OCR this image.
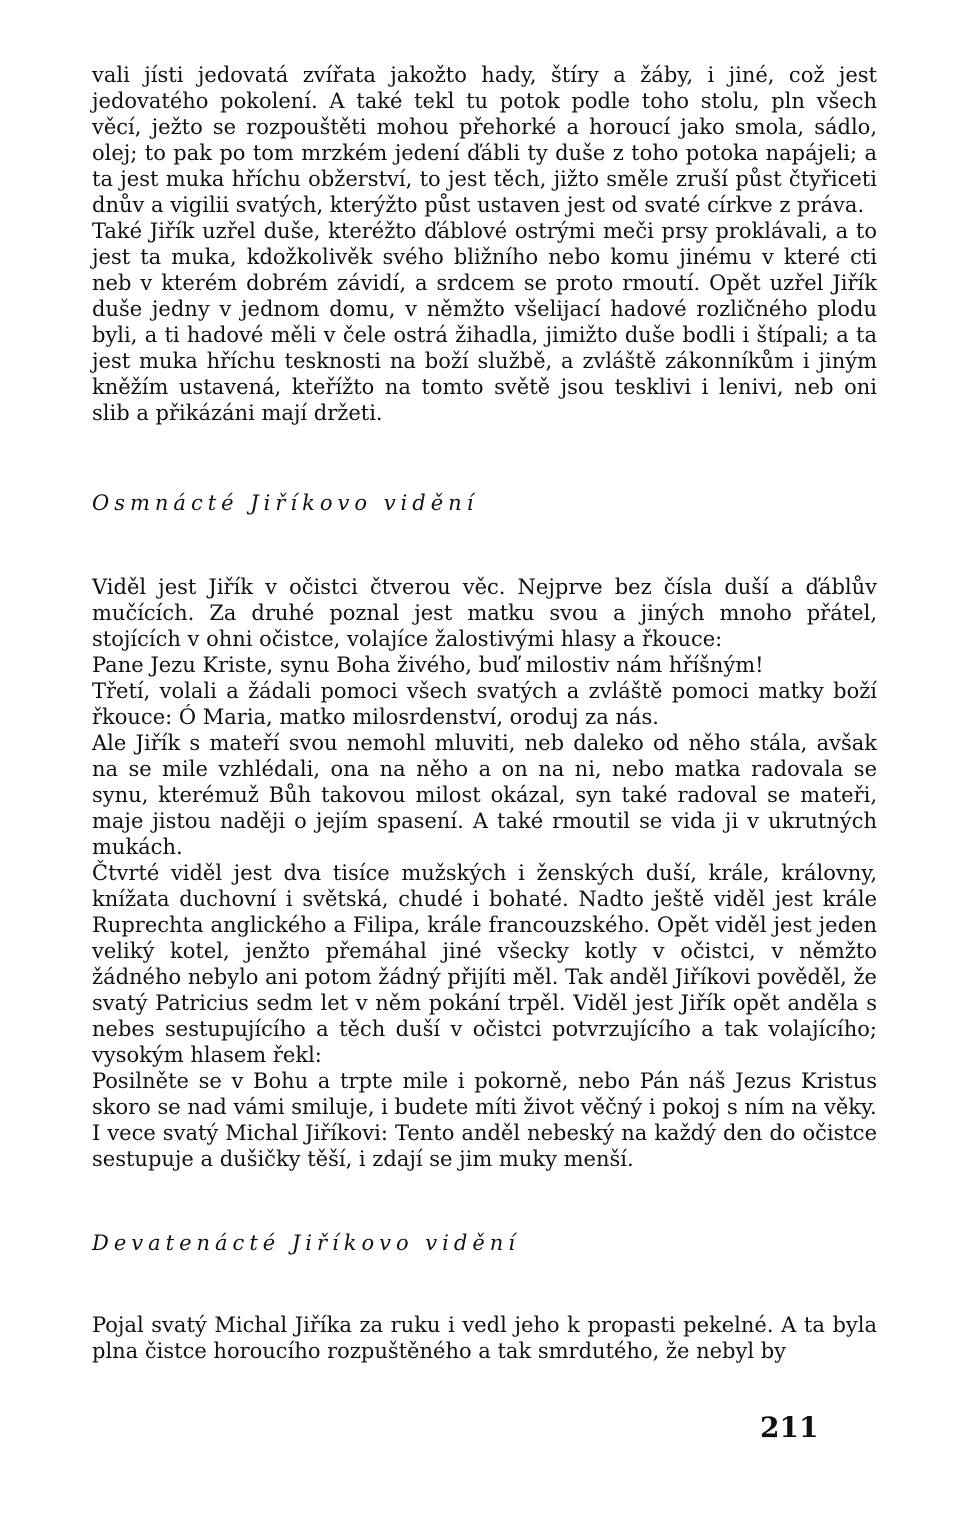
vali jísti jedovatá zvířata jakožto hady, štíry a žáby, i jiné, což jest jedovatého pokolení. A také tekl tu potok podle toho stolu, pln všech věcí, ježto se rozpouštěti mohou přehorké a horoucí jako smola, sádlo, olej; to pak po tom mrzkém jedení ďábli ty duše z toho potoka napájeli; a ta jest muka hříchu obžerství, to jest těch, jižto směle zruší půst čtyřiceti dnův a vigilii svatých, kterýžto půst ustaven jest od svaté církve z práva.

Také Jiřík uzřel duše, kteréžto ďáblové ostrými meči prsy proklávali, a to jest ta muka, kdožkolivěk svého bližního nebo komu jinému v které cti neb v kterém dobrém závidí, a srdcem se proto rmoutí. Opět uzřel Jiřík duše jedny v jednom domu, v němžto všelijací hadové rozličného plodu byli, a ti hadové měli v čele ostrá žihadla, jimižto duše bodli i štípali; a ta jest muka hříchu tesknosti na boží službě, a zvláště zákonníkům i jiným kněžím ustavená, kteřížto na tomto světě jsou tesklivi i lenivi, neb oni slib a přikázáni mají držeti.

Osmnácté Jiříkovo vidění

Viděl jest Jiřík v očistci čtverou věc. Nejprve bez čísla duší a ďáblův mučících. Za druhé poznal jest matku svou a jiných mnoho přátel, stojících v ohni očistce, volajíce žalostivými hlasy a řkouce:

Pane Jezu Kriste, synu Boha živého, buď milostiv nám hříšným!

Třetí, volali a žádali pomoci všech svatých a zvláště pomoci matky boží řkouce: Ó Maria, matko milosrdenství, oroduj za nás.

Ale Jiřík s mateří svou nemohl mluviti, neb daleko od něho stála, avšak na se mile vzhlédali, ona na něho a on na ni, nebo matka radovala se synu, kterémuž Bůh takovou milost okázal, syn také radoval se mateři, maje jistou naději o jejím spasení. A také rmoutil se vida ji v ukrutných mukách.

Čtvrté viděl jest dva tisíce mužských i ženských duší, krále, královny, knížata duchovní i světská, chudé i bohaté. Nadto ještě viděl jest krále Ruprechta anglického a Filipa, krále francouzského. Opět viděl jest jeden veliký kotel, jenžto přemáhal jiné všecky kotly v očistci, v němžto žádného nebylo ani potom žádný přijíti měl. Tak anděl Jiříkovi pověděl, že svatý Patricius sedm let v něm pokání trpěl. Viděl jest Jiřík opět anděla s nebes sestupujícího a těch duší v očistci potvrzujícího a tak volajícího; vysokým hlasem řekl:

Posilněte se v Bohu a trpte mile i pokorně, nebo Pán náš Jezus Kristus skoro se nad vámi smiluje, i budete míti život věčný i pokoj s ním na věky.

I vece svatý Michal Jiříkovi: Tento anděl nebeský na každý den do očistce sestupuje a dušičky těší, i zdají se jim muky menší.

Devatenácté Jiříkovo vidění

Pojal svatý Michal Jiříka za ruku i vedl jeho k propasti pekelné. A ta byla plna čistce horoucího rozpuštěného a tak smrdutého, že nebyl by

211
